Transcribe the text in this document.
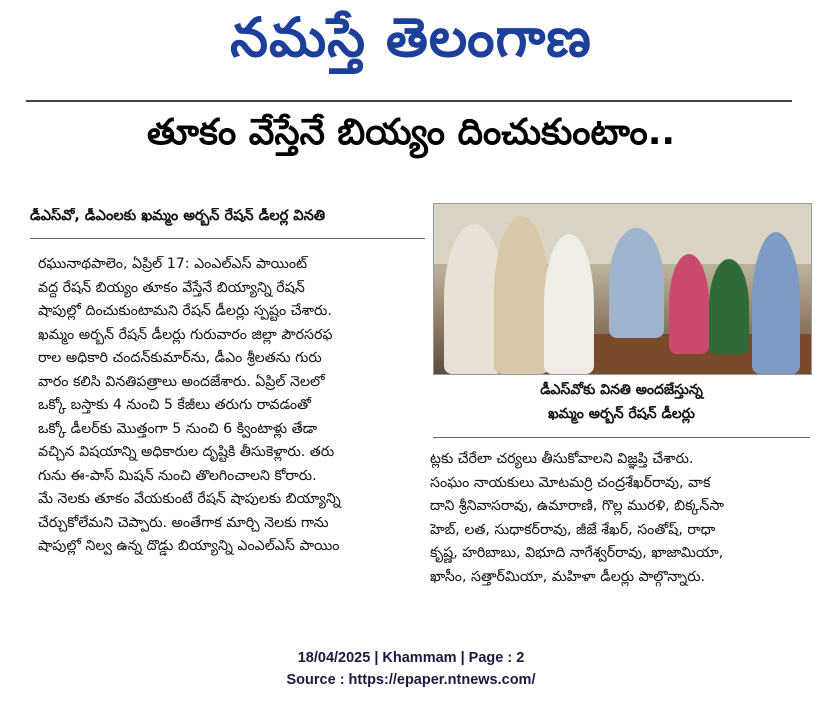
నమస్తే తెలంగాణ
తూకం వేస్తేనే బియ్యం దించుకుంటాం..
డీఎస్‌వో, డీఎంలకు ఖమ్మం అర్బన్ రేషన్ డీలర్ల వినతి

రఘునాథపాలెం, ఏప్రిల్ 17: ఎంఎల్ఎస్ పాయింట్

వద్ద రేషన్ బియ్యం తూకం వేస్తేనే బియ్యాన్ని రేషన్

షాపుల్లో దించుకుంటామని రేషన్ డీలర్లు స్పష్టం చేశారు.

ఖమ్మం అర్బన్ రేషన్ డీలర్లు గురువారం జిల్లా పౌరసరఫ

రాల అధికారి చందన్‌కుమార్‌ను, డీఎం శ్రీలతను గురు

వారం కలిసి వినతిపత్రాలు అందజేశారు. ఏప్రిల్ నెలలో

ఒక్కో బస్తాకు 4 నుంచి 5 కేజీలు తరుగు రావడంతో

ఒక్కో డీలర్‌కు మొత్తంగా 5 నుంచి 6 క్వింటాళ్లు తేడా

వచ్చిన విషయాన్ని అధికారుల దృష్టికి తీసుకెళ్లారు. తరు

గును ఈ-పాస్ మిషన్ నుంచి తొలగించాలని కోరారు.

మే నెలకు తూకం వేయకుంటే రేషన్ షాపులకు బియ్యాన్ని

చేర్చుకోలేమని చెప్పారు. అంతేగాక మార్చి నెలకు గాను

షాపుల్లో నిల్వ ఉన్న దొడ్డు బియ్యాన్ని ఎంఎల్ఎస్ పాయిం

డీఎస్‌వోకు వినతి అందజేస్తున్న
ఖమ్మం అర్బన్ రేషన్ డీలర్లు

ట్లకు చేరేలా చర్యలు తీసుకోవాలని విజ్ఞప్తి చేశారు.

సంఘం నాయకులు మోటమర్రి చంద్రశేఖర్‌రావు, వాక

దాని శ్రీనివాసరావు, ఉమారాణి, గొల్ల మురళి, బిక్కన్‌సా

హెబ్, లత, సుధాకర్‌రావు, జీజే శేఖర్, సంతోష్, రాధా

కృష్ణ, హరిబాబు, విభూది నాగేశ్వర్‌రావు, ఖాజామియా,

ఖాసీం, సత్తార్‌మియా, మహిళా డీలర్లు పాల్గొన్నారు.

18/04/2025 | Khammam | Page : 2
Source : https://epaper.ntnews.com/
